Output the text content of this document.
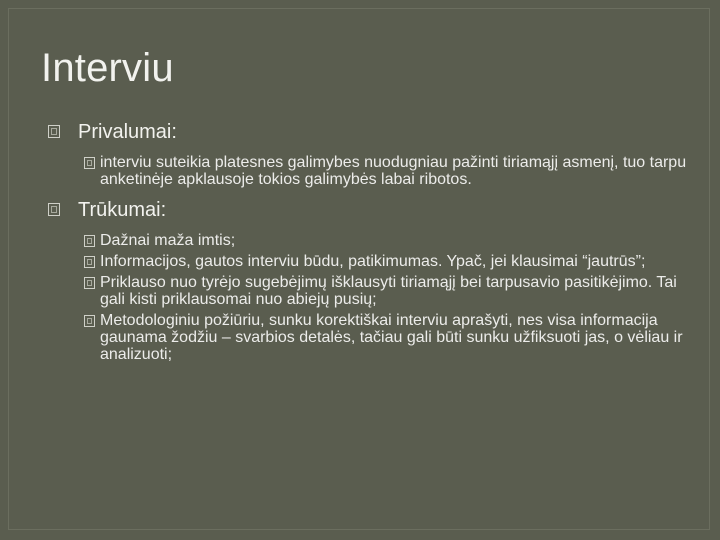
Interviu
Privalumai:
interviu suteikia platesnes galimybes nuodugniau pažinti tiriamąjį asmenį, tuo tarpu anketinėje apklausoje tokios galimybės labai ribotos.
Trūkumai:
Dažnai maža imtis;
Informacijos, gautos interviu būdu, patikimumas. Ypač, jei klausimai “jautrūs”;
Priklauso nuo tyrėjo sugebėjimų išklausyti tiriamąjį bei tarpusavio pasitikėjimo. Tai gali kisti priklausomai nuo abiejų pusių;
Metodologiniu požiūriu, sunku korektiškai interviu aprašyti, nes visa informacija gaunama žodžiu – svarbios detalės, tačiau gali būti sunku užfiksuoti jas, o vėliau ir analizuoti;
